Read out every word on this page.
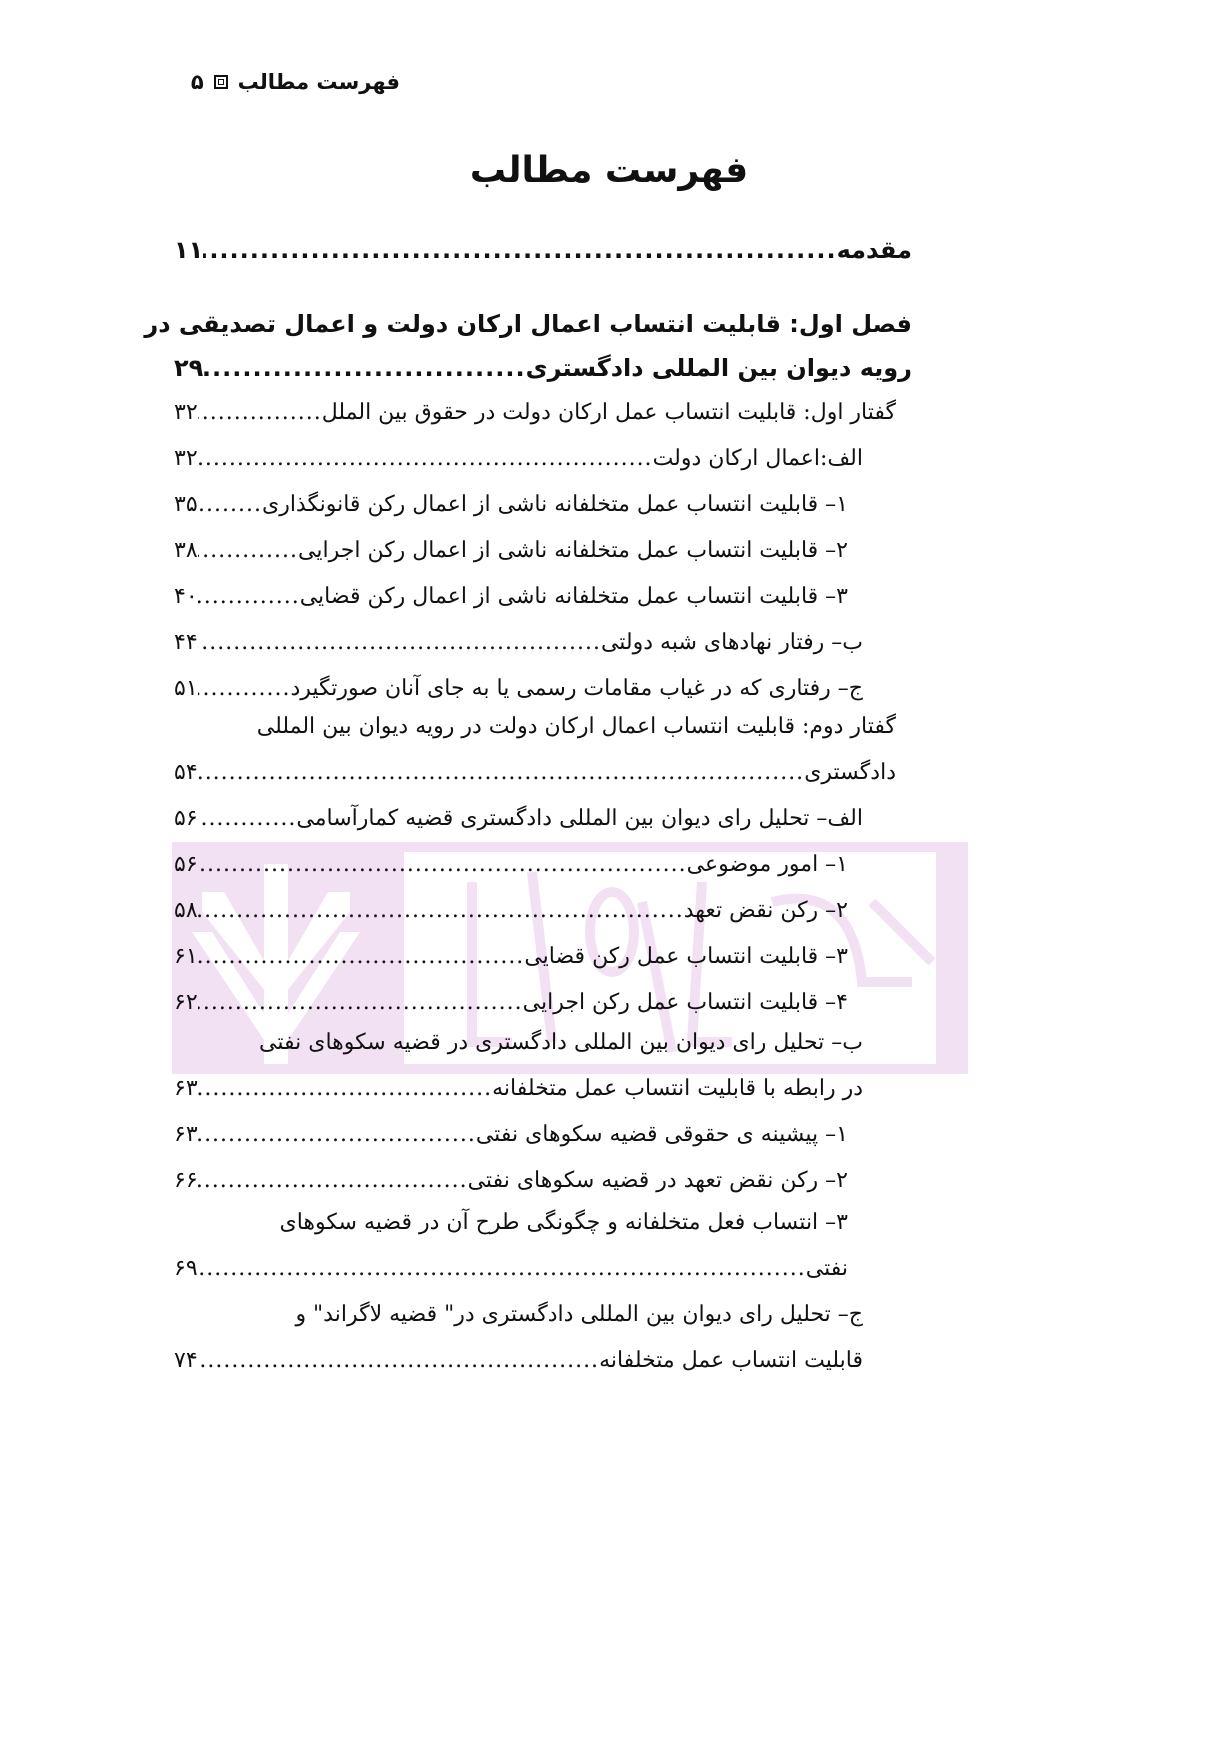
فهرست مطالب
۵
فهرست مطالب
مقدمه
.....
۱۱
فصل اول: قابلیت انتساب اعمال ارکان دولت و اعمال تصدیقی در
رویه دیوان بین المللی دادگستری
.....
۲۹
گفتار اول: قابلیت انتساب عمل ارکان دولت در حقوق بین الملل
.....
۳۲
الف:اعمال ارکان دولت
.....
۳۲
۱– قابلیت انتساب عمل متخلفانه ناشی از اعمال رکن قانونگذاری
.....
۳۵
۲– قابلیت انتساب عمل متخلفانه ناشی از اعمال رکن اجرایی
.....
۳۸
۳– قابلیت انتساب عمل متخلفانه ناشی از اعمال رکن قضایی
.....
۴۰
ب– رفتار نهادهای شبه دولتی
.....
۴۴
ج– رفتاری که در غیاب مقامات رسمی یا به جای آنان صورتگیرد
.....
۵۱
گفتار دوم: قابلیت انتساب اعمال ارکان دولت در رویه دیوان بین المللی
دادگستری
.....
۵۴
الف– تحلیل رای دیوان بین المللی دادگستری قضیه کمارآسامی
.....
۵۶
۱– امور موضوعی
.....
۵۶
۲– رکن نقض تعهد
.....
۵۸
۳– قابلیت انتساب عمل رکن قضایی
.....
۶۱
۴– قابلیت انتساب عمل رکن اجرایی
.....
۶۲
ب– تحلیل رای دیوان بین المللی دادگستری در قضیه سکوهای نفتی
در رابطه با قابلیت انتساب عمل متخلفانه
.....
۶۳
۱– پیشینه ی حقوقی قضیه سکوهای نفتی
.....
۶۳
۲– رکن نقض تعهد در قضیه سکوهای نفتی
.....
۶۶
۳– انتساب فعل متخلفانه و چگونگی طرح آن در قضیه سکوهای
نفتی
.....
۶۹
ج– تحلیل رای دیوان بین المللی دادگستری در" قضیه لاگراند" و
قابلیت انتساب عمل متخلفانه
.....
۷۴
